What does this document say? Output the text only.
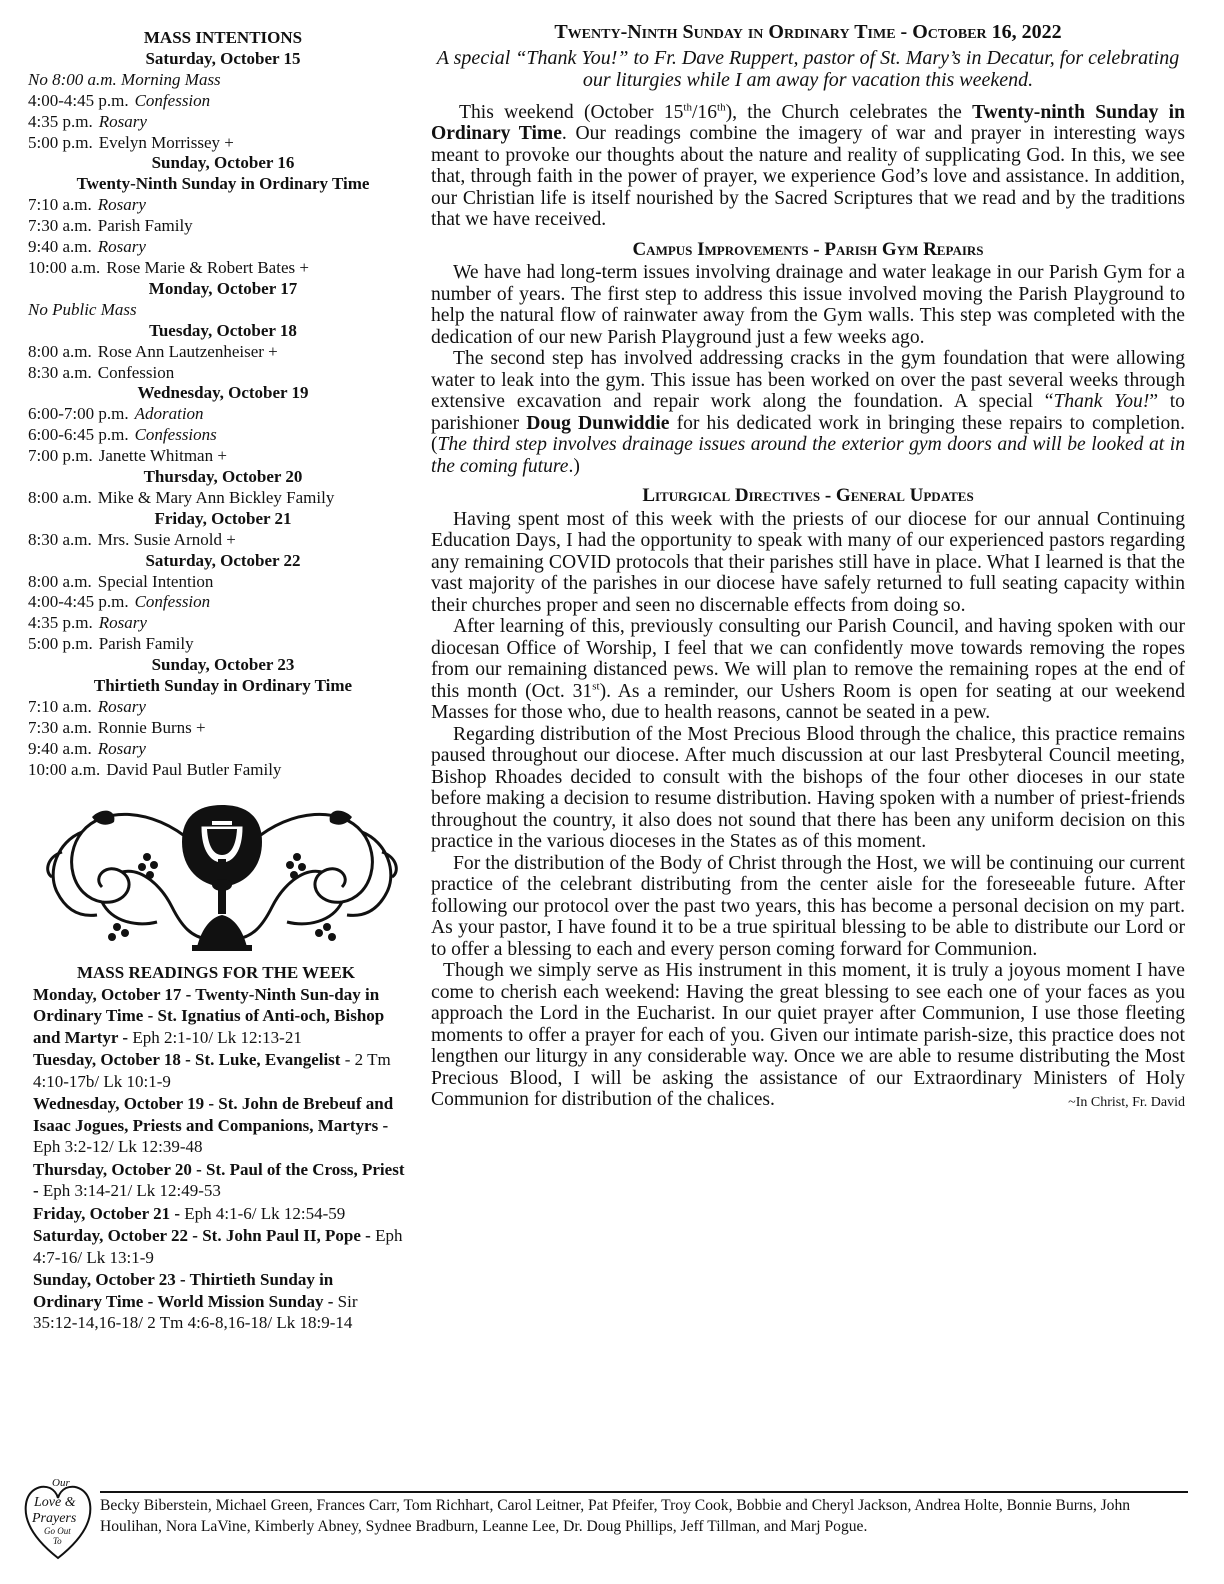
MASS INTENTIONS
Saturday, October 15
No 8:00 a.m. Morning Mass
4:00-4:45 p.m. Confession
4:35 p.m. Rosary
5:00 p.m. Evelyn Morrissey +
Sunday, October 16
Twenty-Ninth Sunday in Ordinary Time
7:10 a.m. Rosary
7:30 a.m. Parish Family
9:40 a.m. Rosary
10:00 a.m. Rose Marie & Robert Bates +
Monday, October 17
No Public Mass
Tuesday, October 18
8:00 a.m. Rose Ann Lautzenheiser +
8:30 a.m. Confession
Wednesday, October 19
6:00-7:00 p.m. Adoration
6:00-6:45 p.m. Confessions
7:00 p.m. Janette Whitman +
Thursday, October 20
8:00 a.m. Mike & Mary Ann Bickley Family
Friday, October 21
8:30 a.m. Mrs. Susie Arnold +
Saturday, October 22
8:00 a.m. Special Intention
4:00-4:45 p.m. Confession
4:35 p.m. Rosary
5:00 p.m. Parish Family
Sunday, October 23
Thirtieth Sunday in Ordinary Time
7:10 a.m. Rosary
7:30 a.m. Ronnie Burns +
9:40 a.m. Rosary
10:00 a.m. David Paul Butler Family
MASS READINGS FOR THE WEEK

Monday, October 17 - Twenty-Ninth Sun-day in Ordinary Time - St. Ignatius of Anti-och, Bishop and Martyr - Eph 2:1-10/ Lk 12:13-21

Tuesday, October 18 - St. Luke, Evangelist - 2 Tm 4:10-17b/ Lk 10:1-9

Wednesday, October 19 - St. John de Brebeuf and Isaac Jogues, Priests and Companions, Martyrs - Eph 3:2-12/ Lk 12:39-48

Thursday, October 20 - St. Paul of the Cross, Priest - Eph 3:14-21/ Lk 12:49-53

Friday, October 21 - Eph 4:1-6/ Lk 12:54-59

Saturday, October 22 - St. John Paul II, Pope - Eph 4:7-16/ Lk 13:1-9

Sunday, October 23 - Thirtieth Sunday in Ordinary Time - World Mission Sunday - Sir 35:12-14,16-18/ 2 Tm 4:6-8,16-18/ Lk 18:9-14

Twenty-Ninth Sunday in Ordinary Time - October 16, 2022
A special “Thank You!” to Fr. Dave Ruppert, pastor of St. Mary’s in Decatur, for celebrating our liturgies while I am away for vacation this weekend.

This weekend (October 15th/16th), the Church celebrates the Twenty-ninth Sunday in Ordinary Time. Our readings combine the imagery of war and prayer in interesting ways meant to provoke our thoughts about the nature and reality of supplicating God. In this, we see that, through faith in the power of prayer, we experience God’s love and assistance. In addition, our Christian life is itself nourished by the Sacred Scriptures that we read and by the traditions that we have received.

Campus Improvements - Parish Gym Repairs

We have had long-term issues involving drainage and water leakage in our Parish Gym for a number of years. The first step to address this issue involved moving the Parish Playground to help the natural flow of rainwater away from the Gym walls. This step was completed with the dedication of our new Parish Playground just a few weeks ago.

The second step has involved addressing cracks in the gym foundation that were allowing water to leak into the gym. This issue has been worked on over the past several weeks through extensive excavation and repair work along the foundation. A special “Thank You!” to parishioner Doug Dunwiddie for his dedicated work in bringing these repairs to completion. (The third step involves drainage issues around the exterior gym doors and will be looked at in the coming future.)

Liturgical Directives - General Updates

Having spent most of this week with the priests of our diocese for our annual Continuing Education Days, I had the opportunity to speak with many of our experienced pastors regarding any remaining COVID protocols that their parishes still have in place. What I learned is that the vast majority of the parishes in our diocese have safely returned to full seating capacity within their churches proper and seen no discernable effects from doing so.

After learning of this, previously consulting our Parish Council, and having spoken with our diocesan Office of Worship, I feel that we can confidently move towards removing the ropes from our remaining distanced pews. We will plan to remove the remaining ropes at the end of this month (Oct. 31st). As a reminder, our Ushers Room is open for seating at our weekend Masses for those who, due to health reasons, cannot be seated in a pew.

Regarding distribution of the Most Precious Blood through the chalice, this practice remains paused throughout our diocese. After much discussion at our last Presbyteral Council meeting, Bishop Rhoades decided to consult with the bishops of the four other dioceses in our state before making a decision to resume distribution. Having spoken with a number of priest-friends throughout the country, it also does not sound that there has been any uniform decision on this practice in the various dioceses in the States as of this moment.

For the distribution of the Body of Christ through the Host, we will be continuing our current practice of the celebrant distributing from the center aisle for the foreseeable future. After following our protocol over the past two years, this has become a personal decision on my part. As your pastor, I have found it to be a true spiritual blessing to be able to distribute our Lord or to offer a blessing to each and every person coming forward for Communion.

Though we simply serve as His instrument in this moment, it is truly a joyous moment I have come to cherish each weekend: Having the great blessing to see each one of your faces as you approach the Lord in the Eucharist. In our quiet prayer after Communion, I use those fleeting moments to offer a prayer for each of you. Given our intimate parish-size, this practice does not lengthen our liturgy in any considerable way. Once we are able to resume distributing the Most Precious Blood, I will be asking the assistance of our Extraordinary Ministers of Holy Communion for distribution of the chalices.	~In Christ, Fr. David

Our
Love &
Prayers
Go Out
To
Becky Biberstein, Michael Green, Frances Carr, Tom Richhart, Carol Leitner, Pat Pfeifer, Troy Cook, Bobbie and Cheryl Jackson, Andrea Holte, Bonnie Burns, John Houlihan, Nora LaVine, Kimberly Abney, Sydnee Bradburn, Leanne Lee, Dr. Doug Phillips, Jeff Tillman, and Marj Pogue.
